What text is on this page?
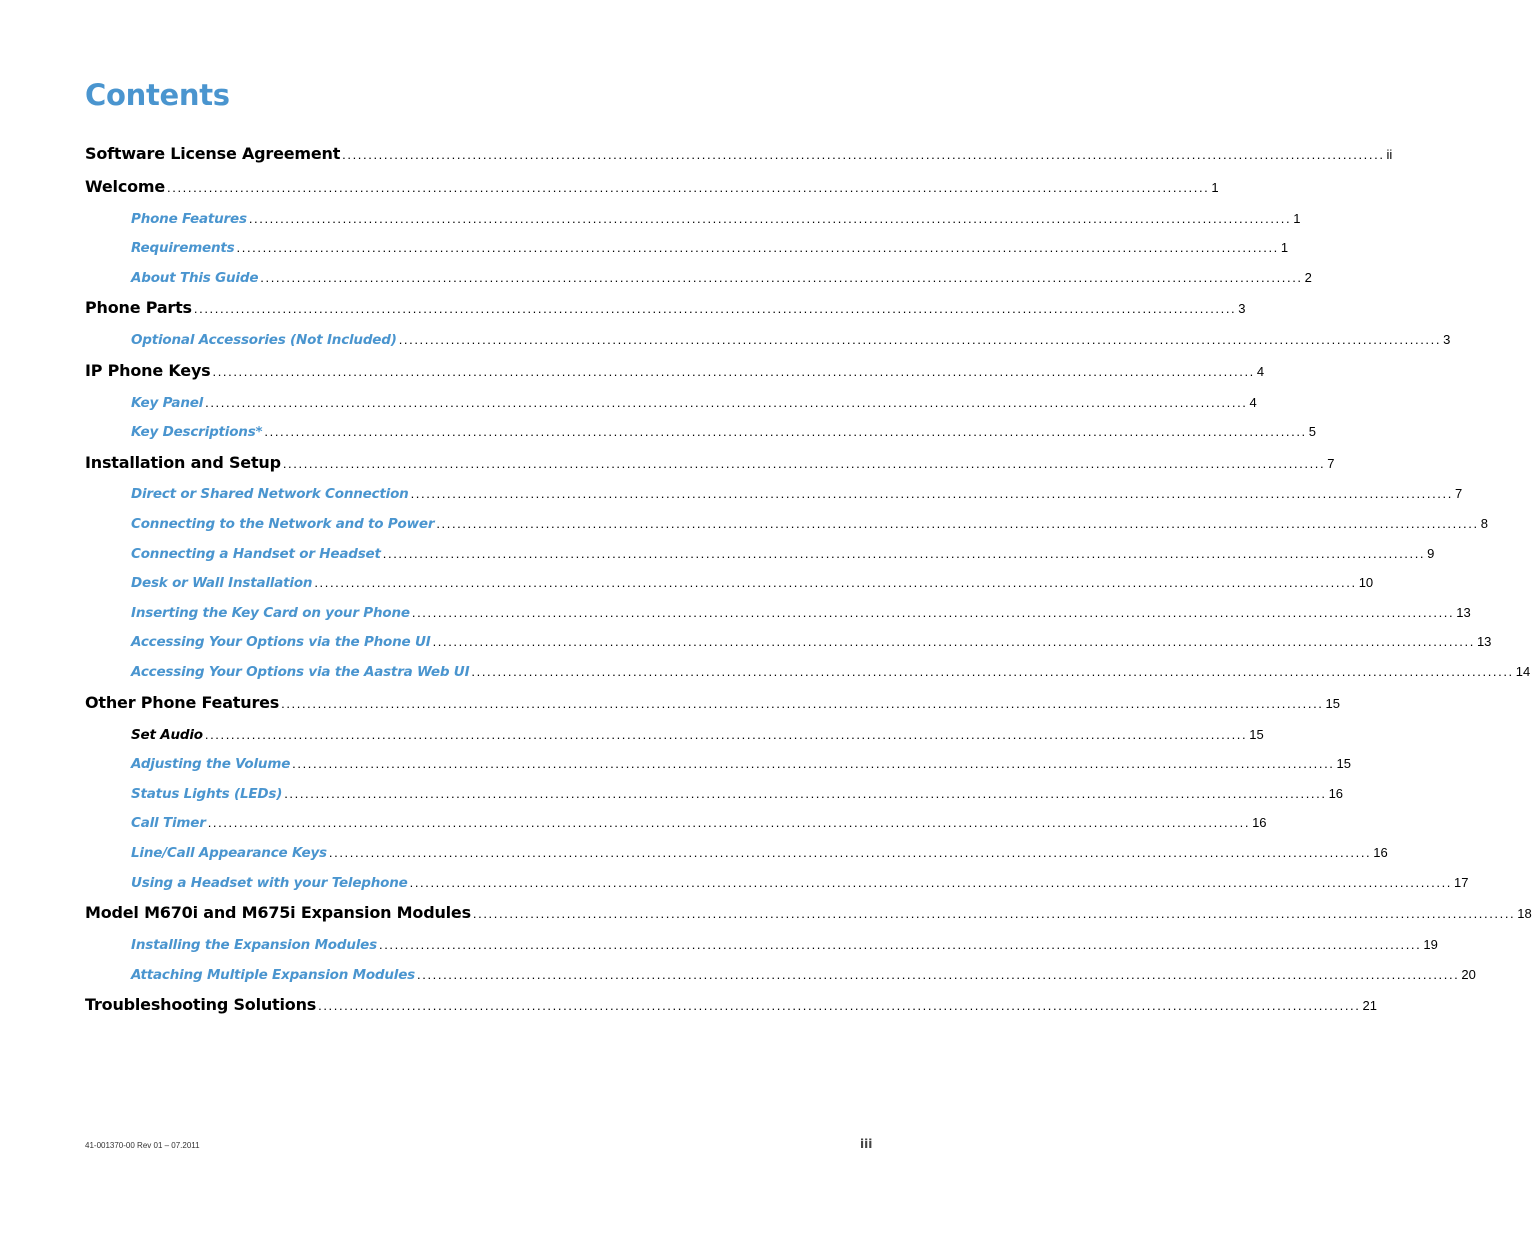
Contents
Software License Agreement ........................................................................................................................................................................................................ ii
Welcome ........................................................................................................................................................................................................ 1
Phone Features ........................................................................................................................................................................................................ 1
Requirements ........................................................................................................................................................................................................ 1
About This Guide ........................................................................................................................................................................................................ 2
Phone Parts ........................................................................................................................................................................................................ 3
Optional Accessories (Not Included) ........................................................................................................................................................................................................ 3
IP Phone Keys ........................................................................................................................................................................................................ 4
Key Panel ........................................................................................................................................................................................................ 4
Key Descriptions* ........................................................................................................................................................................................................ 5
Installation and Setup ........................................................................................................................................................................................................ 7
Direct or Shared Network Connection ........................................................................................................................................................................................................ 7
Connecting to the Network and to Power ........................................................................................................................................................................................................ 8
Connecting a Handset or Headset ........................................................................................................................................................................................................ 9
Desk or Wall Installation ........................................................................................................................................................................................................ 10
Inserting the Key Card on your Phone ........................................................................................................................................................................................................ 13
Accessing Your Options via the Phone UI ........................................................................................................................................................................................................ 13
Accessing Your Options via the Aastra Web UI ........................................................................................................................................................................................................ 14
Other Phone Features ........................................................................................................................................................................................................ 15
Set Audio ........................................................................................................................................................................................................ 15
Adjusting the Volume ........................................................................................................................................................................................................ 15
Status Lights (LEDs) ........................................................................................................................................................................................................ 16
Call Timer ........................................................................................................................................................................................................ 16
Line/Call Appearance Keys ........................................................................................................................................................................................................ 16
Using a Headset with your Telephone ........................................................................................................................................................................................................ 17
Model M670i and M675i Expansion Modules ........................................................................................................................................................................................................ 18
Installing the Expansion Modules ........................................................................................................................................................................................................ 19
Attaching Multiple Expansion Modules ........................................................................................................................................................................................................ 20
Troubleshooting Solutions ........................................................................................................................................................................................................ 21
41-001370-00 Rev 01 – 07.2011	iii
